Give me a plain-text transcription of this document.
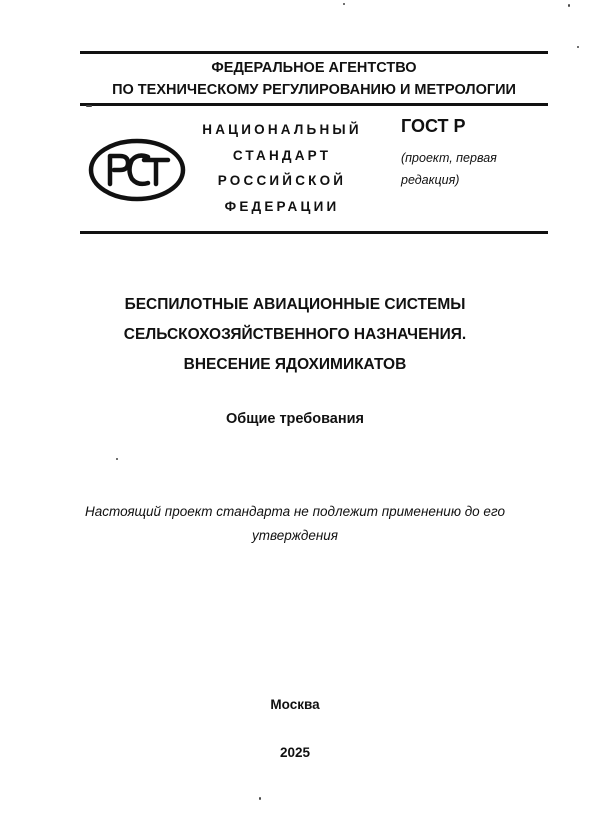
ФЕДЕРАЛЬНОЕ АГЕНТСТВО
ПО ТЕХНИЧЕСКОМУ РЕГУЛИРОВАНИЮ И МЕТРОЛОГИИ
НАЦИОНАЛЬНЫЙ
СТАНДАРТ
РОССИЙСКОЙ
ФЕДЕРАЦИИ
ГОСТ Р
(проект, первая
редакция)
БЕСПИЛОТНЫЕ АВИАЦИОННЫЕ СИСТЕМЫ
СЕЛЬСКОХОЗЯЙСТВЕННОГО НАЗНАЧЕНИЯ.
ВНЕСЕНИЕ ЯДОХИМИКАТОВ
Общие требования
Настоящий проект стандарта не подлежит применению до его
утверждения
Москва
2025
